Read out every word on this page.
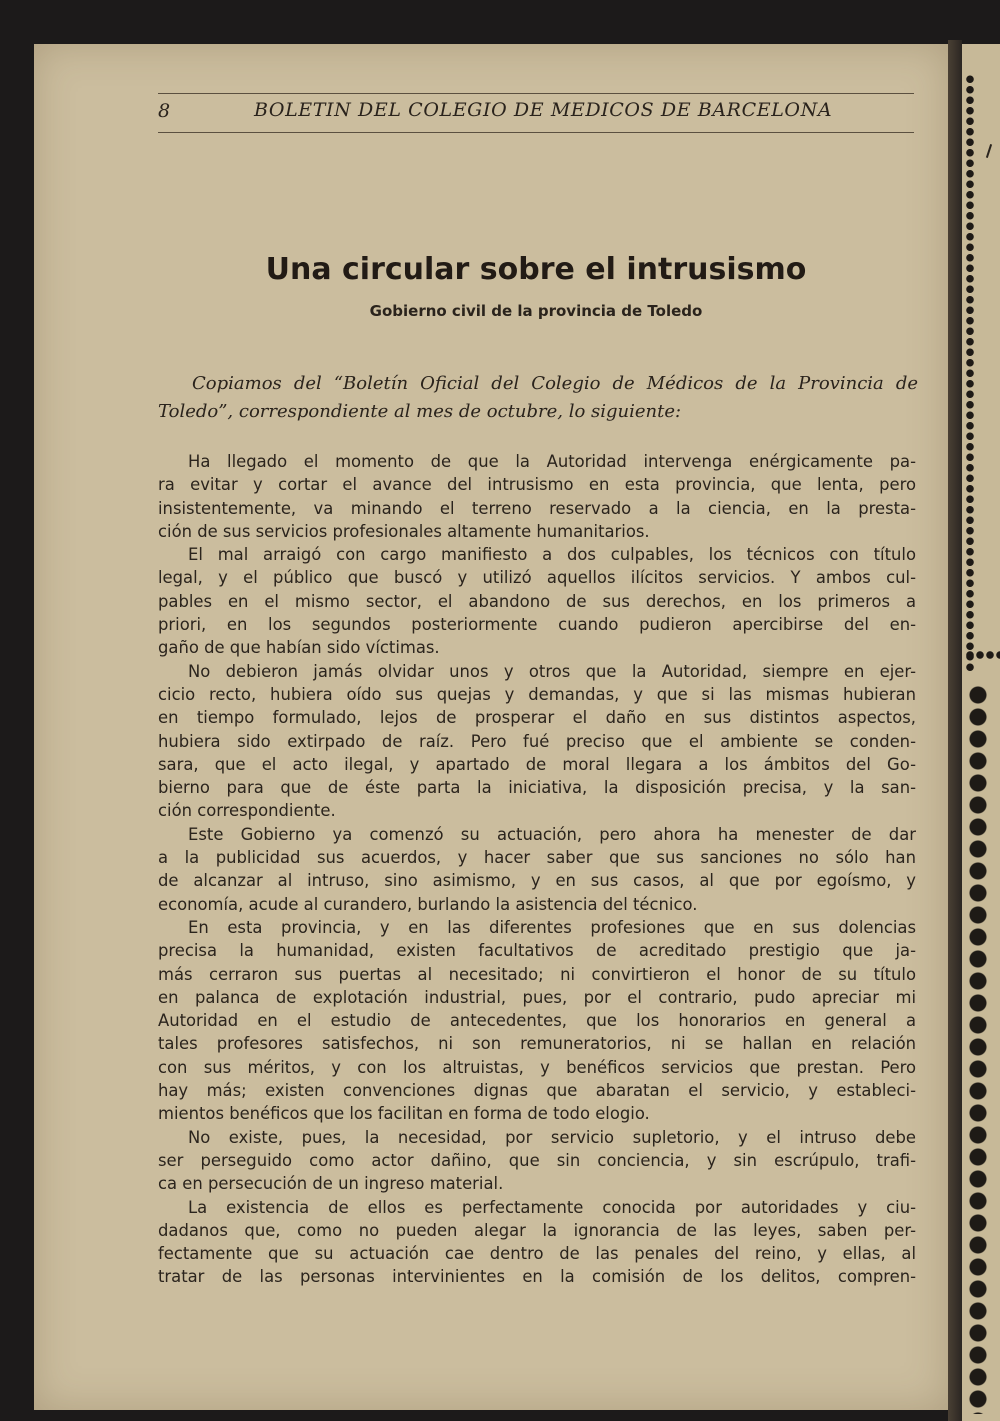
8	BOLETIN DEL COLEGIO DE MEDICOS DE BARCELONA
Una circular sobre el intrusismo
Gobierno civil de la provincia de Toledo
Copiamos del “Boletín Oficial del Colegio de Médicos de la Provincia de
Toledo”, correspondiente al mes de octubre, lo siguiente:
Ha llegado el momento de que la Autoridad intervenga enérgicamente pa-
ra evitar y cortar el avance del intrusismo en esta provincia, que lenta, pero
insistentemente, va minando el terreno reservado a la ciencia, en la presta-
ción de sus servicios profesionales altamente humanitarios.
El mal arraigó con cargo manifiesto a dos culpables, los técnicos con título
legal, y el público que buscó y utilizó aquellos ilícitos servicios. Y ambos cul-
pables en el mismo sector, el abandono de sus derechos, en los primeros a
priori, en los segundos posteriormente cuando pudieron apercibirse del en-
gaño de que habían sido víctimas.
No debieron jamás olvidar unos y otros que la Autoridad, siempre en ejer-
cicio recto, hubiera oído sus quejas y demandas, y que si las mismas hubieran
en tiempo formulado, lejos de prosperar el daño en sus distintos aspectos,
hubiera sido extirpado de raíz. Pero fué preciso que el ambiente se conden-
sara, que el acto ilegal, y apartado de moral llegara a los ámbitos del Go-
bierno para que de éste parta la iniciativa, la disposición precisa, y la san-
ción correspondiente.
Este Gobierno ya comenzó su actuación, pero ahora ha menester de dar
a la publicidad sus acuerdos, y hacer saber que sus sanciones no sólo han
de alcanzar al intruso, sino asimismo, y en sus casos, al que por egoísmo, y
economía, acude al curandero, burlando la asistencia del técnico.
En esta provincia, y en las diferentes profesiones que en sus dolencias
precisa la humanidad, existen facultativos de acreditado prestigio que ja-
más cerraron sus puertas al necesitado; ni convirtieron el honor de su título
en palanca de explotación industrial, pues, por el contrario, pudo apreciar mi
Autoridad en el estudio de antecedentes, que los honorarios en general a
tales profesores satisfechos, ni son remuneratorios, ni se hallan en relación
con sus méritos, y con los altruistas, y benéficos servicios que prestan. Pero
hay más; existen convenciones dignas que abaratan el servicio, y estableci-
mientos benéficos que los facilitan en forma de todo elogio.
No existe, pues, la necesidad, por servicio supletorio, y el intruso debe
ser perseguido como actor dañino, que sin conciencia, y sin escrúpulo, trafi-
ca en persecución de un ingreso material.
La existencia de ellos es perfectamente conocida por autoridades y ciu-
dadanos que, como no pueden alegar la ignorancia de las leyes, saben per-
fectamente que su actuación cae dentro de las penales del reino, y ellas, al
tratar de las personas intervinientes en la comisión de los delitos, compren-
